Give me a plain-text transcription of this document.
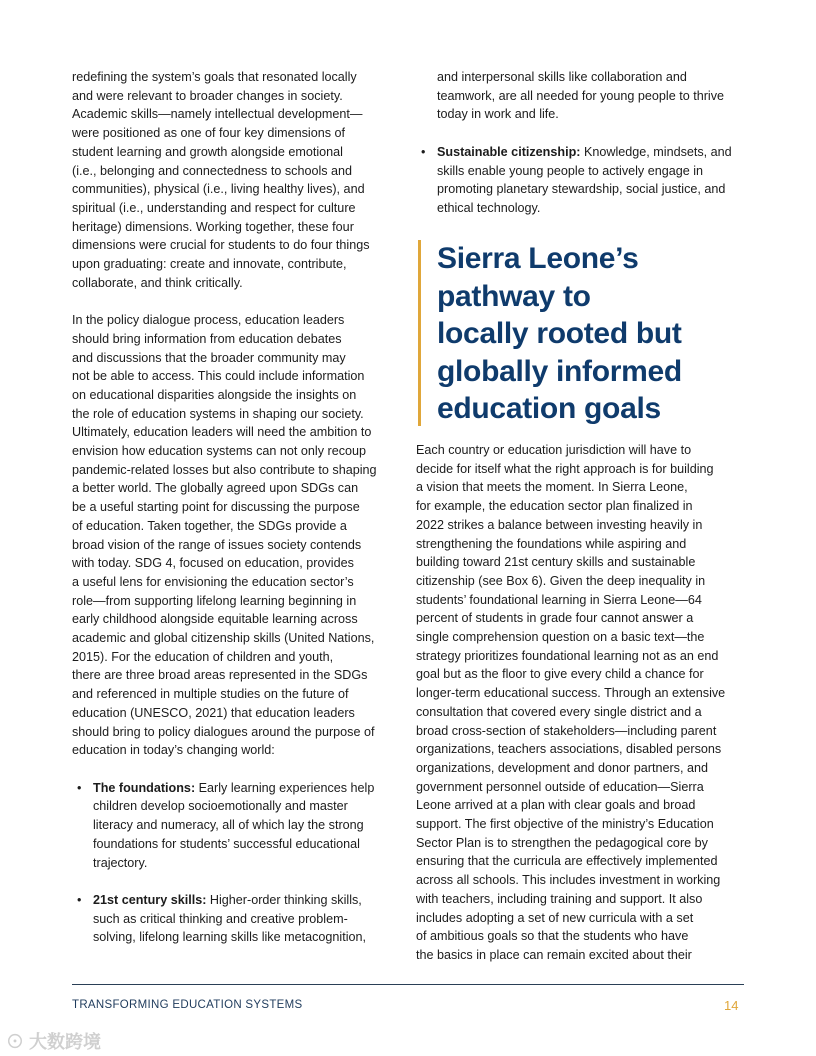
redefining the system’s goals that resonated locally
and were relevant to broader changes in society.
Academic skills—namely intellectual development—
were positioned as one of four key dimensions of
student learning and growth alongside emotional
(i.e., belonging and connectedness to schools and
communities), physical (i.e., living healthy lives), and
spiritual (i.e., understanding and respect for culture
heritage) dimensions. Working together, these four
dimensions were crucial for students to do four things
upon graduating: create and innovate, contribute,
collaborate, and think critically.
In the policy dialogue process, education leaders
should bring information from education debates
and discussions that the broader community may
not be able to access. This could include information
on educational disparities alongside the insights on
the role of education systems in shaping our society.
Ultimately, education leaders will need the ambition to
envision how education systems can not only recoup
pandemic-related losses but also contribute to shaping
a better world. The globally agreed upon SDGs can
be a useful starting point for discussing the purpose
of education. Taken together, the SDGs provide a
broad vision of the range of issues society contends
with today. SDG 4, focused on education, provides
a useful lens for envisioning the education sector’s
role—from supporting lifelong learning beginning in
early childhood alongside equitable learning across
academic and global citizenship skills (United Nations,
2015). For the education of children and youth,
there are three broad areas represented in the SDGs
and referenced in multiple studies on the future of
education (UNESCO, 2021) that education leaders
should bring to policy dialogues around the purpose of
education in today’s changing world:
• The foundations: Early learning experiences help
children develop socioemotionally and master
literacy and numeracy, all of which lay the strong
foundations for students’ successful educational
trajectory.
• 21st century skills: Higher-order thinking skills,
such as critical thinking and creative problem-
solving, lifelong learning skills like metacognition,
and interpersonal skills like collaboration and
teamwork, are all needed for young people to thrive
today in work and life.
• Sustainable citizenship: Knowledge, mindsets, and
skills enable young people to actively engage in
promoting planetary stewardship, social justice, and
ethical technology.
Sierra Leone’s
pathway to
locally rooted but
globally informed
education goals
Each country or education jurisdiction will have to
decide for itself what the right approach is for building
a vision that meets the moment. In Sierra Leone,
for example, the education sector plan finalized in
2022 strikes a balance between investing heavily in
strengthening the foundations while aspiring and
building toward 21st century skills and sustainable
citizenship (see Box 6). Given the deep inequality in
students’ foundational learning in Sierra Leone—64
percent of students in grade four cannot answer a
single comprehension question on a basic text—the
strategy prioritizes foundational learning not as an end
goal but as the floor to give every child a chance for
longer-term educational success. Through an extensive
consultation that covered every single district and a
broad cross-section of stakeholders—including parent
organizations, teachers associations, disabled persons
organizations, development and donor partners, and
government personnel outside of education—Sierra
Leone arrived at a plan with clear goals and broad
support. The first objective of the ministry’s Education
Sector Plan is to strengthen the pedagogical core by
ensuring that the curricula are effectively implemented
across all schools. This includes investment in working
with teachers, including training and support. It also
includes adopting a set of new curricula with a set
of ambitious goals so that the students who have
the basics in place can remain excited about their
TRANSFORMING EDUCATION SYSTEMS	14
⊙ 大数跨境
